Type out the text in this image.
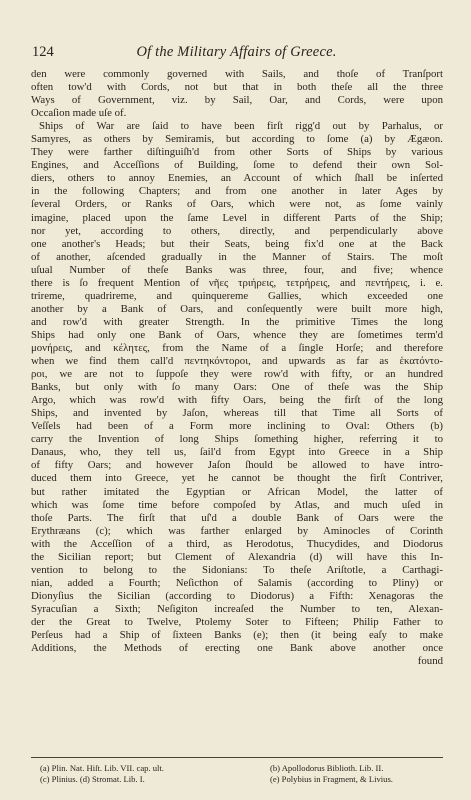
124	Of the Military Affairs of Greece.
den were commonly governed with Sails, and thoſe of Tranſport
often tow'd with Cords, not but that in both theſe all the three
Ways of Government, viz. by Sail, Oar, and Cords, were upon
Occaſion made uſe of.
Ships of War are ſaid to have been firſt rigg'd out by Parhalus, or
Samyres, as others by Semiramis, but according to ſome (a) by Ægæon.
They were farther diſtinguiſh'd from other Sorts of Ships by various
Engines, and Acceſſions of Building, ſome to defend their own Sol-
diers, others to annoy Enemies, an Account of which ſhall be inſerted
in the following Chapters; and from one another in later Ages by
ſeveral Orders, or Ranks of Oars, which were not, as ſome vainly
imagine, placed upon the ſame Level in different Parts of the Ship;
nor yet, according to others, directly, and perpendicularly above
one another's Heads; but their Seats, being fix'd one at the Back
of another, aſcended gradually in the Manner of Stairs. The moſt
uſual Number of theſe Banks was three, four, and five; whence
there is ſo frequent Mention of νῆες τριήρεις, τετρήρεις, and πεντήρεις, i. e.
trireme, quadrireme, and quinquereme Gallies, which exceeded one
another by a Bank of Oars, and conſequently were built more high,
and row'd with greater Strength. In the primitive Times the long
Ships had only one Bank of Oars, whence they are ſometimes term'd
μονήρεις, and κέλητες, from the Name of a ſingle Horſe; and therefore
when we find them call'd πεντηκόντοροι, and upwards as far as ἑκατόντο-
ροι, we are not to ſuppoſe they were row'd with fifty, or an hundred
Banks, but only with ſo many Oars: One of theſe was the Ship
Argo, which was row'd with fifty Oars, being the firſt of the long
Ships, and invented by Jaſon, whereas till that Time all Sorts of
Veſſels had been of a Form more inclining to Oval: Others (b)
carry the Invention of long Ships ſomething higher, referring it to
Danaus, who, they tell us, ſail'd from Egypt into Greece in a Ship
of fifty Oars; and however Jaſon ſhould be allowed to have intro-
duced them into Greece, yet he cannot be thought the firſt Contriver,
but rather imitated the Egyptian or African Model, the latter of
which was ſome time before compoſed by Atlas, and much uſed in
thoſe Parts. The firſt that uſ'd a double Bank of Oars were the
Erythræans (c); which was farther enlarged by Aminocles of Corinth
with the Acceſſion of a third, as Herodotus, Thucydides, and Diodorus
the Sicilian report; but Clement of Alexandria (d) will have this In-
vention to belong to the Sidonians: To theſe Ariſtotle, a Carthagi-
nian, added a Fourth; Neſicthon of Salamis (according to Pliny) or
Dionyſius the Sicilian (according to Diodorus) a Fifth: Xenagoras the
Syracuſian a Sixth; Neſigiton increaſed the Number to ten, Alexan-
der the Great to Twelve, Ptolemy Soter to Fifteen; Philip Father to
Perſeus had a Ship of ſixteen Banks (e); then (it being eaſy to make
Additions, the Methods of erecting one Bank above another once
found
(a) Plin. Nat. Hiſt. Lib. VII. cap. ult.	(b) Apollodorus Biblioth. Lib. II.
(c) Plinius. (d) Stromat. Lib. I.	(e) Polybius in Fragment, & Livius.
